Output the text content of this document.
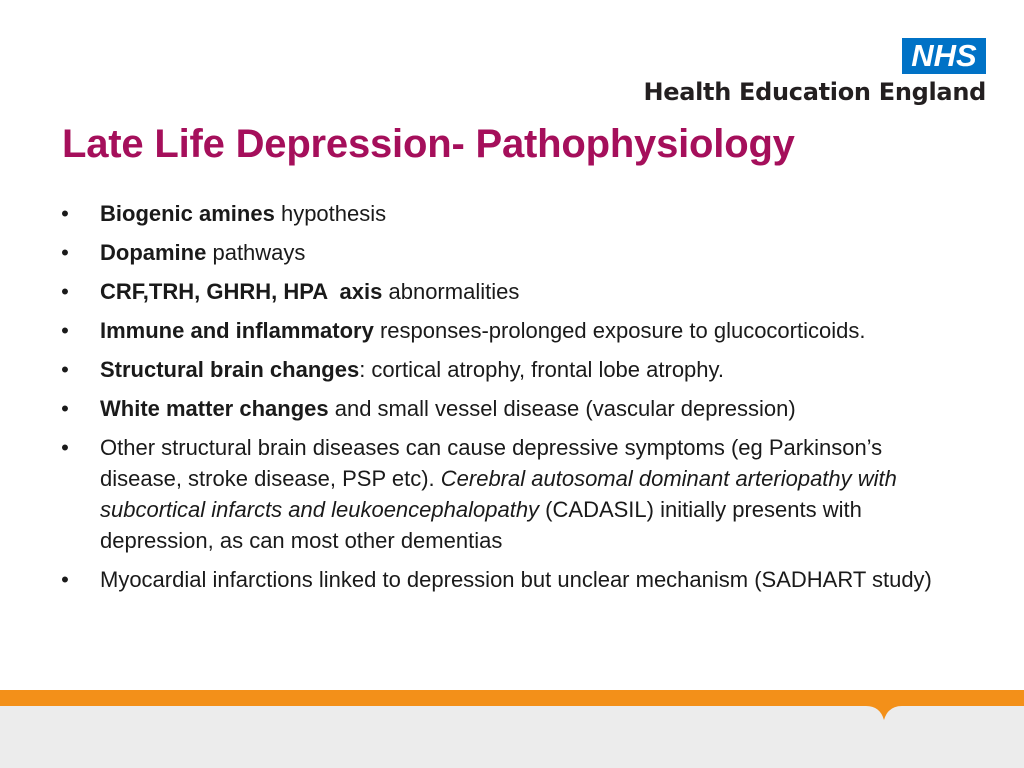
NHS
Health Education England
Late Life Depression- Pathophysiology
• Biogenic amines hypothesis
• Dopamine pathways
• CRF,TRH, GHRH, HPA  axis abnormalities
• Immune and inflammatory responses-prolonged exposure to glucocorticoids.
• Structural brain changes: cortical atrophy, frontal lobe atrophy.
• White matter changes and small vessel disease (vascular depression)
• Other structural brain diseases can cause depressive symptoms (eg Parkinson’s disease, stroke disease, PSP etc). Cerebral autosomal dominant arteriopathy with subcortical infarcts and leukoencephalopathy (CADASIL) initially presents with depression, as can most other dementias
• Myocardial infarctions linked to depression but unclear mechanism (SADHART study)
